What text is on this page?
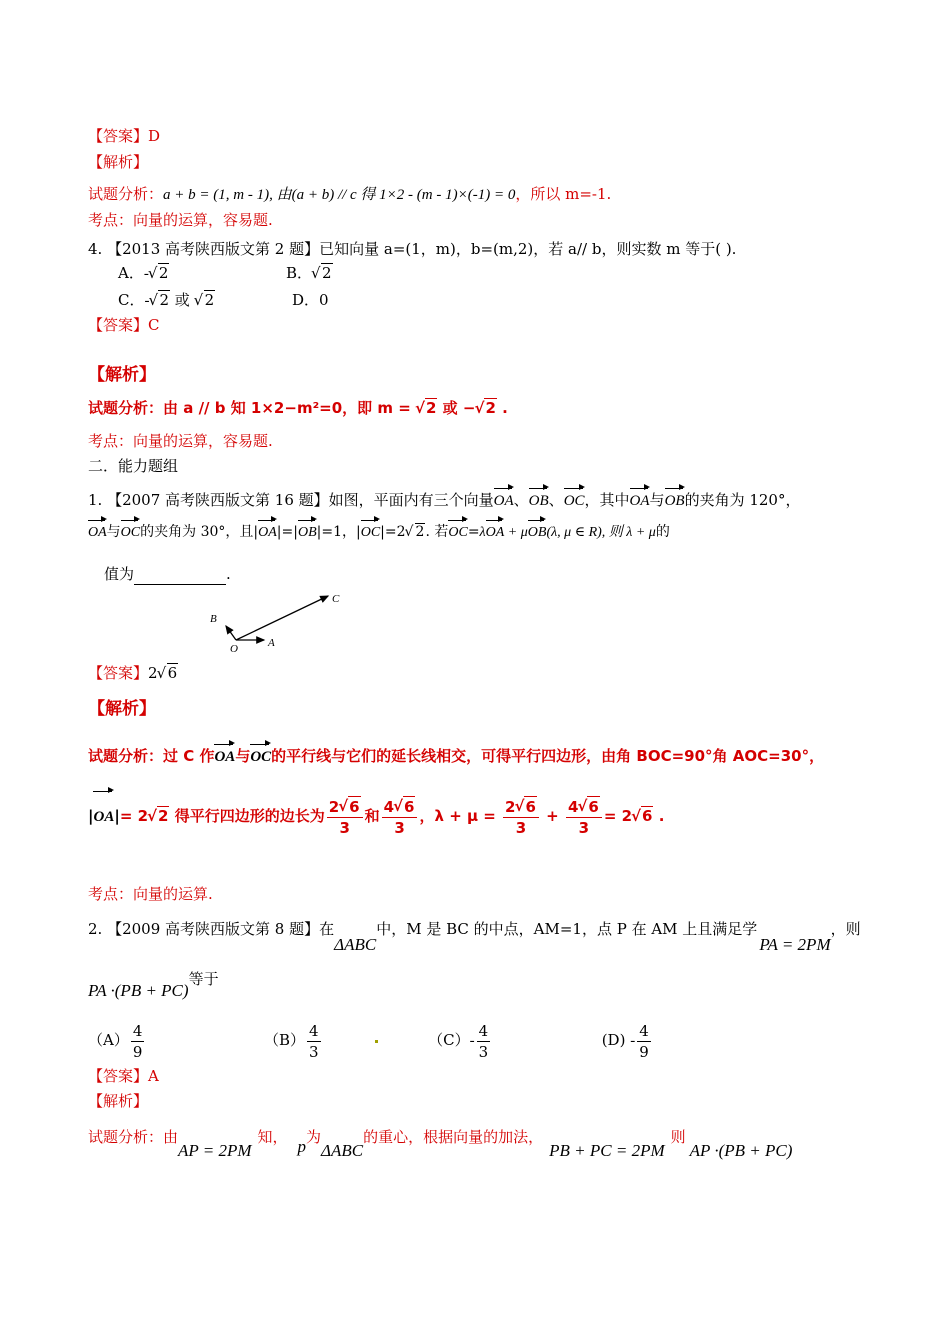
【答案】D
【解析】
试题分析：a + b = (1, m - 1), 由(a + b) // c 得 1×2 - (m - 1)×(-1) = 0，所以 m=-1.
考点：向量的运算，容易题.
4. 【2013 高考陕西版文第 2 题】已知向量 a=(1，m)，b=(m,2)，若 a// b，则实数 m 等于( ).
A．-√ 2	B．√ 2
C．-√ 2 或 √ 2	D．0
【答案】C
【解析】
试题分析：由 a // b 知 1×2−m²=0，即 m = √ 2 或 −√ 2 .
考点：向量的运算，容易题.
二．能力题组
1. 【2007 高考陕西版文第 16 题】如图，平面内有三个向量OA、OB、OC，其中OA与OB的夹角为 120°，
OA与OC的夹角为 30°，且|OA|=|OB|=1，|OC|=2√ 2. 若OC=λOA + μOB(λ, μ ∈ R), 则 λ + μ的
值为	.
B
O	A
C
【答案】2√ 6
【解析】
试题分析：过 C 作OA与OC的平行线与它们的延长线相交，可得平行四边形，由角 BOC=90°角 AOC=30°，
|OA|= 2√ 2 得平行四边形的边长为 2
√ 6
3 和 4
√ 6
3 ，λ + μ = 2
√ 6
3 + 4
√ 6
3 = 2√ 6 .
考点：向量的运算.
2. 【2009 高考陕西版文第 8 题】在ΔABC中，M 是 BC 的中点，AM=1，点 P 在 AM 上且满足学PA = 2PM，则
PA ·(PB + PC)等于
$(A) \frac{4}{9}$	$(B) \frac{4}{3}$	$(C)- \frac{4}{3}$	$(D) - \frac{4}{9}$
【答案】A
【解析】
试题分析：由AP = 2PM知， p为ΔABC的重心，根据向量的加法，PB + PC = 2PM则AP ·(PB + PC)
